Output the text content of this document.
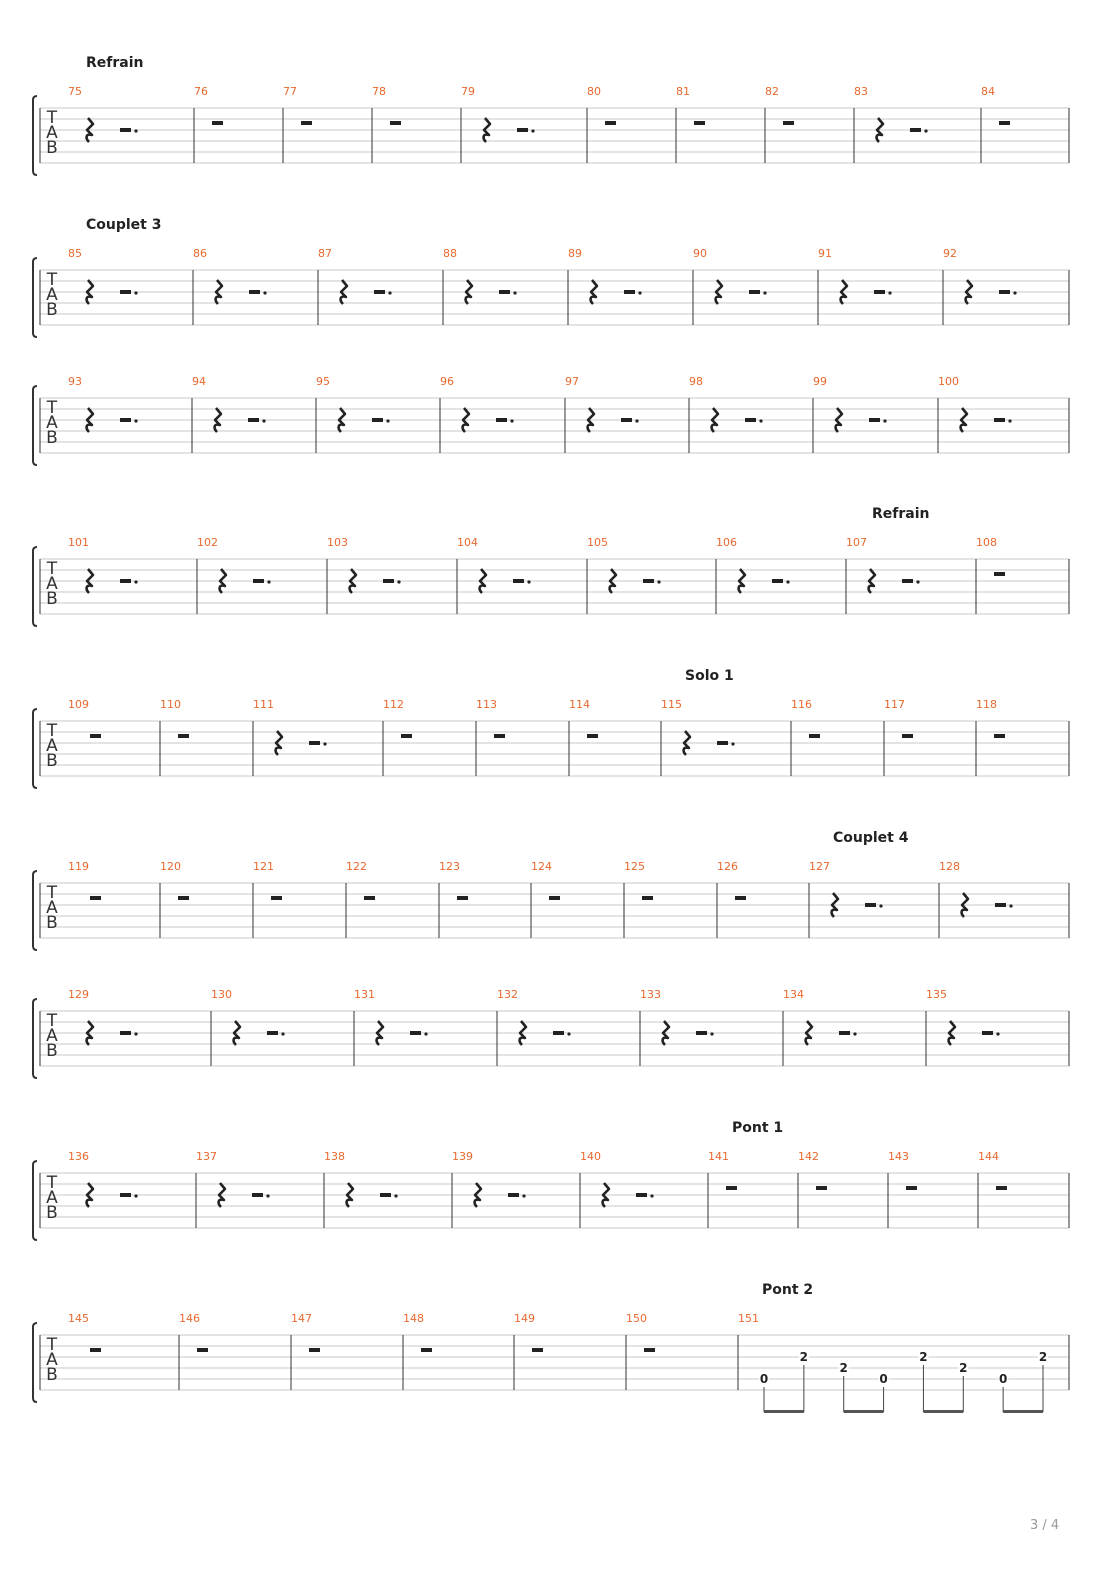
T
A
B
75	76	77	78	79	80	81	82	83	84
Refrain
T
A
B
85	86	87	88	89	90	91	92
Couplet 3
T
A
B
93	94	95	96	97	98	99	100
T
A
B
101	102	103	104	105	106	107	108
Refrain
T
A
B
109	110	111	112	113	114	115	116	117	118
Solo 1
T
A
B
119	120	121	122	123	124	125	126	127	128
Couplet 4
T
A
B
129	130	131	132	133	134	135
T
A
B
136	137	138	139	140	141	142	143	144
Pont 1
T
A
B
145	146	147	148	149	150	151
0
2
2
0
2
2
0
2
Pont 2
3 / 4
